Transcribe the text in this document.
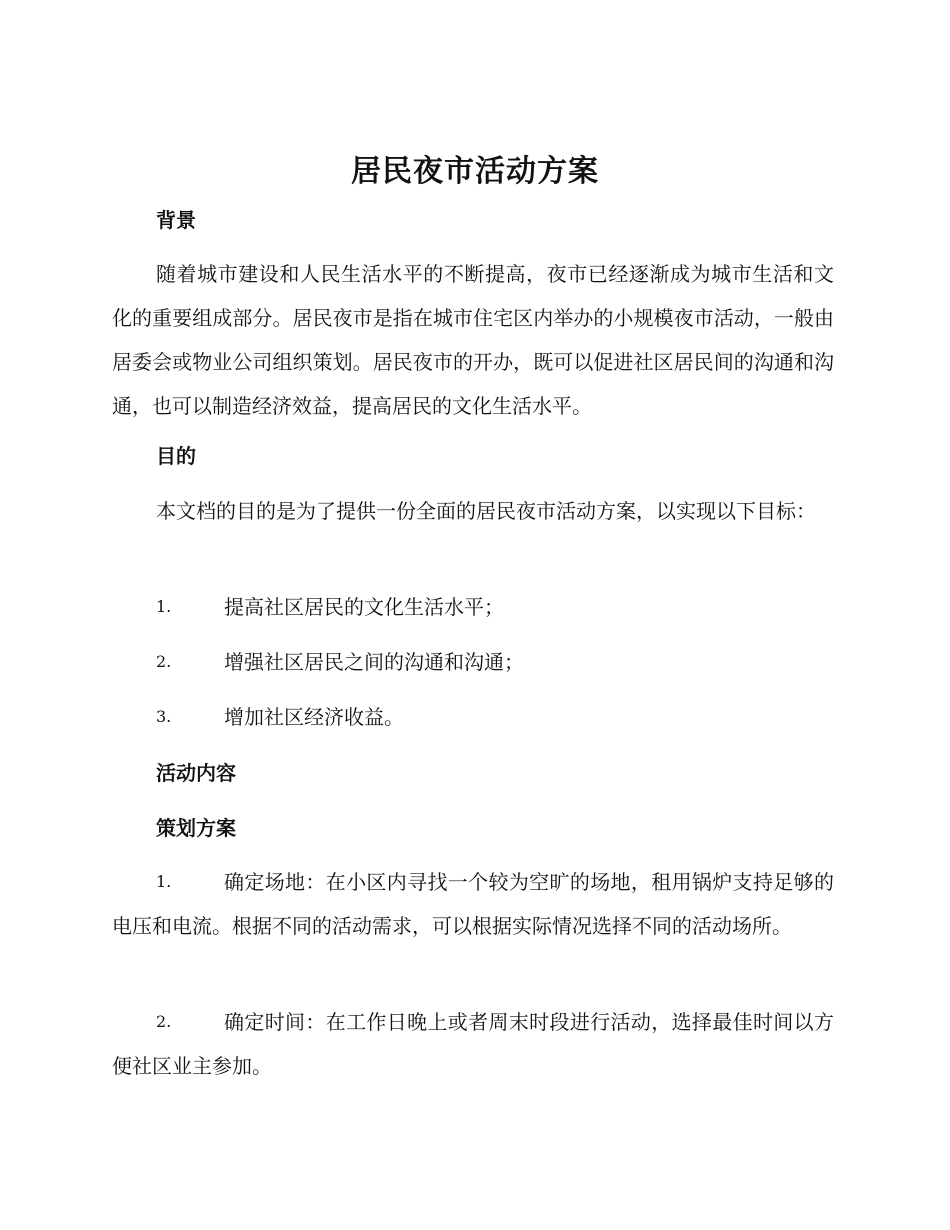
居民夜市活动方案
背景

随着城市建设和人民生活水平的不断提高，夜市已经逐渐成为城市生活和文化的重要组成部分。居民夜市是指在城市住宅区内举办的小规模夜市活动，一般由居委会或物业公司组织策划。居民夜市的开办，既可以促进社区居民间的沟通和沟通，也可以制造经济效益，提高居民的文化生活水平。

目的

本文档的目的是为了提供一份全面的居民夜市活动方案，以实现以下目标：

1.	提高社区居民的文化生活水平；
2.	增强社区居民之间的沟通和沟通；
3.	增加社区经济收益。
活动内容
策划方案
1.	确定场地：在小区内寻找一个较为空旷的场地，租用锅炉支持足够的电压和电流。根据不同的活动需求，可以根据实际情况选择不同的活动场所。
2.	确定时间：在工作日晚上或者周末时段进行活动，选择最佳时间以方便社区业主参加。
